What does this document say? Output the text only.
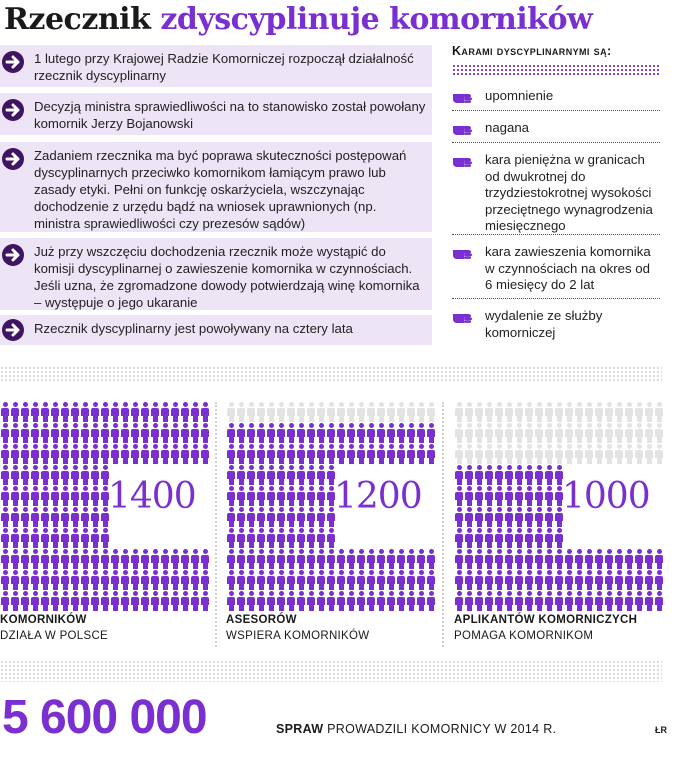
Rzecznik zdyscyplinuje komorników
1 lutego przy Krajowej Radzie Komorniczej rozpoczął działalność rzecznik dyscyplinarny
Decyzją ministra sprawiedliwości na to stanowisko został powołany komornik Jerzy Bojanowski
Zadaniem rzecznika ma być poprawa skuteczności postępowań dyscyplinarnych przeciwko komornikom łamiącym prawo lub zasady etyki. Pełni on funkcję oskarżyciela, wszczynając dochodzenie z urzędu bądź na wniosek uprawnionych (np. ministra sprawiedliwości czy prezesów sądów)
Już przy wszczęciu dochodzenia rzecznik może wystąpić do komisji dyscyplinarnej o zawieszenie komornika w czynnościach. Jeśli uzna, że zgromadzone dowody potwierdzają winę komornika – występuje o jego ukaranie
Rzecznik dyscyplinarny jest powoływany na cztery lata
Karami dyscyplinarnymi są:
upomnienie
nagana
kara pieniężna w granicach od dwukrotnej do trzydziestokrotnej wysokości przeciętnego wynagrodzenia miesięcznego
kara zawieszenia komornika w czynnościach na okres od 6 miesięcy do 2 lat
wydalenie ze służby komorniczej
1400
KOMORNIKÓW
DZIAŁA W POLSCE
1200
ASESORÓW
WSPIERA KOMORNIKÓW
1000
APLIKANTÓW KOMORNICZYCH
POMAGA KOMORNIKOM
5 600 000	SPRAW PROWADZILI KOMORNICY W 2014 R.	ŁR
